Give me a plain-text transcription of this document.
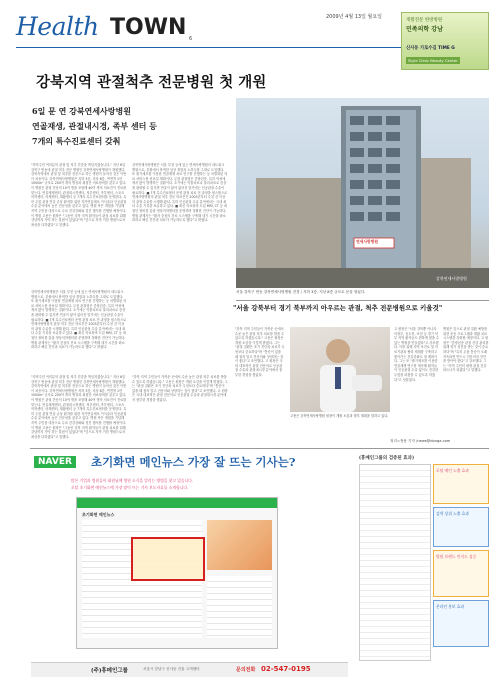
Health TOWN 6
2009년 4월 13일 월요일
재활전문 한방병원
민족의학 강남
신사동 가로수길 TIME G
Style Clinic Beauty Center
강북지역 관절척추 전문병원 첫 개원
6일 문 연 강북연세사랑병원
연골재생, 관절내시경, 족부 센터 등
7개의 특수진료센터 갖춰
"지역주민 여러분의 관절 및 척추 건강을 책임지겠습니다." 지난 6일 강북구 번동에 관절 척추 전문 병원인 강북연세사랑병원이 개원했다. 강북지역에서 관절 및 척추를 전문으로 하는 병원이 들어선 것은 이번이 처음이다. 강북연세사랑병원은 지하 3층, 지상 8층, 연면적 1만1000m² 규모로 200여 개의 병상과 최첨단 의료장비를 갖추고 있다. 이 병원은 관절 전문의 10여 명을 포함해 40여 명의 의료진이 진료를 맡는다. 연골재생센터, 관절내시경센터, 척추센터, 족부센터, 스포츠의학센터, 어깨센터, 재활센터 등 7개의 특수진료센터를 운영한다. 특히 무릎 관절 연골 손상 환자를 위한 자가연골세포 이식술과 인공관절 수술 분야에서 높은 전문성을 갖추고 있다. 병원 측은 개원을 기념해 지역 주민을 대상으로 무료 건강강좌와 검진 행사를 진행할 예정이다. 이 병원 고용곤 원장은 "그동안 강북 지역 환자들이 관절 치료를 위해 강남까지 가야 하는 불편이 있었다"며 "앞으로 지역 거점 병원으로서 최선을 다하겠다"고 말했다.
강북연세사랑병원은 서울 부천 등에 있는 연세사랑병원의 네트워크 병원으로, 본원에서 축적한 임상 경험과 노하우를 그대로 도입했다. 또 줄기세포를 이용한 연골재생 치료 연구를 진행하는 등 차별화된 의료 서비스를 선보일 계획이다. 무릎 관절염은 중장년층, 특히 여성에게서 많이 발생하는 질환이다. 초기에는 약물치료나 물리치료로 증상을 완화할 수 있지만 연골이 닳아 없어진 말기에는 인공관절 수술이 필요하다. ■ 7개 특수진료센터 운영 관절 치료 전 과정을 원스톱으로 연세사랑병원의 관절 척추 전문 의료진은 2003년부터 수천 건 이상의 관절 수술을 시행해 왔다. 특히 인공관절 수술 분야에서는 국내 최다 수술 기록을 보유하고 있다. ■ 최신 의료장비 도입 MRI, CT 등 최첨단 장비를 갖춘 영상의학센터를 운영하며 정확한 진단이 가능하다. 병원 관계자는 "환자 중심의 진료 시스템을 구축해 대기 시간을 최소화하고 빠른 진단과 치료가 가능하도록 했다"고 밝혔다.
강북연세사랑병원은 서울 부천 등에 있는 연세사랑병원의 네트워크 병원으로, 본원에서 축적한 임상 경험과 노하우를 그대로 도입했다. 또 줄기세포를 이용한 연골재생 치료 연구를 진행하는 등 차별화된 의료 서비스를 선보일 계획이다. 무릎 관절염은 중장년층, 특히 여성에게서 많이 발생하는 질환이다. 초기에는 약물치료나 물리치료로 증상을 완화할 수 있지만 연골이 닳아 없어진 말기에는 인공관절 수술이 필요하다. ■ 7개 특수진료센터 운영 관절 치료 전 과정을 원스톱으로 연세사랑병원의 관절 척추 전문 의료진은 2003년부터 수천 건 이상의 관절 수술을 시행해 왔다. 특히 인공관절 수술 분야에서는 국내 최다 수술 기록을 보유하고 있다. ■ 최신 의료장비 도입 MRI, CT 등 최첨단 장비를 갖춘 영상의학센터를 운영하며 정확한 진단이 가능하다. 병원 관계자는 "환자 중심의 진료 시스템을 구축해 대기 시간을 최소화하고 빠른 진단과 치료가 가능하도록 했다"고 밝혔다.
연세사랑병원
강북연세사랑병원
서울 강북구 번동 강북연세사랑병원 전경 / 지하 3층, 지상 8층 규모로 문을 열었다.
"서울 강북부터 경기 북부까지 아우르는 관절, 척추 전문병원으로 키울것"
고용곤 강북연세사랑병원 원장이 개원 소감과 향후 계획을 말하고 있다.
"강북 지역 주민들이 가까운 곳에서 수준 높은 관절 척추 치료를 받을 수 있도록 하겠습니다." 고용곤 원장은 개원 소감을 이렇게 밝혔다. 그는 "관절 질환은 조기 진단과 치료가 무엇보다 중요하다"며 "통증이 있을 때 참지 말고 전문의와 상담하는 것이 좋다"고 조언했다. 고 원장은 국내 대표적인 관절 전문의로 인공관절 수술과 관절내시경 분야에서 풍부한 경험을 쌓았다.
고 원장은 "서울 강북뿐 아니라 의정부, 동두천, 포천 등 경기 북부 지역 환자들도 편하게 찾을 수 있는 병원을 만들겠다"고 강조했다. 이를 위해 지역 보건소 및 의료기관과 협력 체계를 구축하고 찾아가는 건강강좌도 열 계획이다. 그는 또 "줄기세포를 이용한 연골재생 연구를 계속해 환자들이 인공관절 수술 없이도 건강한 무릎을 되찾을 수 있도록 하겠다"고 덧붙였다.
병원은 앞으로 관절 질환 예방을 위한 운동 프로그램과 재활 치료 시스템을 강화할 예정이다. 고 원장은 "중장년층 관절 건강 관리를 위해 정기 검진을 받는 것이 중요하다"며 "특히 무릎 통증이 오래 지속되면 반드시 전문의의 진단을 받아야 한다"고 강조했다. 그는 "지역 주민의 평생 관절 건강 파트너가 되겠다"고 말했다.
"지역주민 여러분의 관절 및 척추 건강을 책임지겠습니다." 지난 6일 강북구 번동에 관절 척추 전문 병원인 강북연세사랑병원이 개원했다. 강북지역에서 관절 및 척추를 전문으로 하는 병원이 들어선 것은 이번이 처음이다. 강북연세사랑병원은 지하 3층, 지상 8층, 연면적 1만1000m² 규모로 200여 개의 병상과 최첨단 의료장비를 갖추고 있다. 이 병원은 관절 전문의 10여 명을 포함해 40여 명의 의료진이 진료를 맡는다. 연골재생센터, 관절내시경센터, 척추센터, 족부센터, 스포츠의학센터, 어깨센터, 재활센터 등 7개의 특수진료센터를 운영한다. 특히 무릎 관절 연골 손상 환자를 위한 자가연골세포 이식술과 인공관절 수술 분야에서 높은 전문성을 갖추고 있다. 병원 측은 개원을 기념해 지역 주민을 대상으로 무료 건강강좌와 검진 행사를 진행할 예정이다. 이 병원 고용곤 원장은 "그동안 강북 지역 환자들이 관절 치료를 위해 강남까지 가야 하는 불편이 있었다"며 "앞으로 지역 거점 병원으로서 최선을 다하겠다"고 말했다.
"강북 지역 주민들이 가까운 곳에서 수준 높은 관절 척추 치료를 받을 수 있도록 하겠습니다." 고용곤 원장은 개원 소감을 이렇게 밝혔다. 그는 "관절 질환은 조기 진단과 치료가 무엇보다 중요하다"며 "통증이 있을 때 참지 말고 전문의와 상담하는 것이 좋다"고 조언했다. 고 원장은 국내 대표적인 관절 전문의로 인공관절 수술과 관절내시경 분야에서 풍부한 경험을 쌓았다.
정리=정용 기자 /news@donga.com
NAVER	초기화면 메인뉴스 가장 잘 뜨는 기사는?
많은 기업과 병원들이 회원님께 병원 소식을 알리는 방법을 찾고 있습니다.
포탈 초기화면 메인뉴스에 가장 많이 뜨는 기사 보도자료를 소개합니다.
초기화면 메인뉴스
(주)휴메인그룹	서울시 강남구 신사동 건물 고객센터	문의전화 02-547-0195
(휴메인그룹의 검증된 효과)
포털 메인 노출 효과
검색 상위 노출 효과
병원 브랜드 인지도 상승
온라인 홍보 효과
